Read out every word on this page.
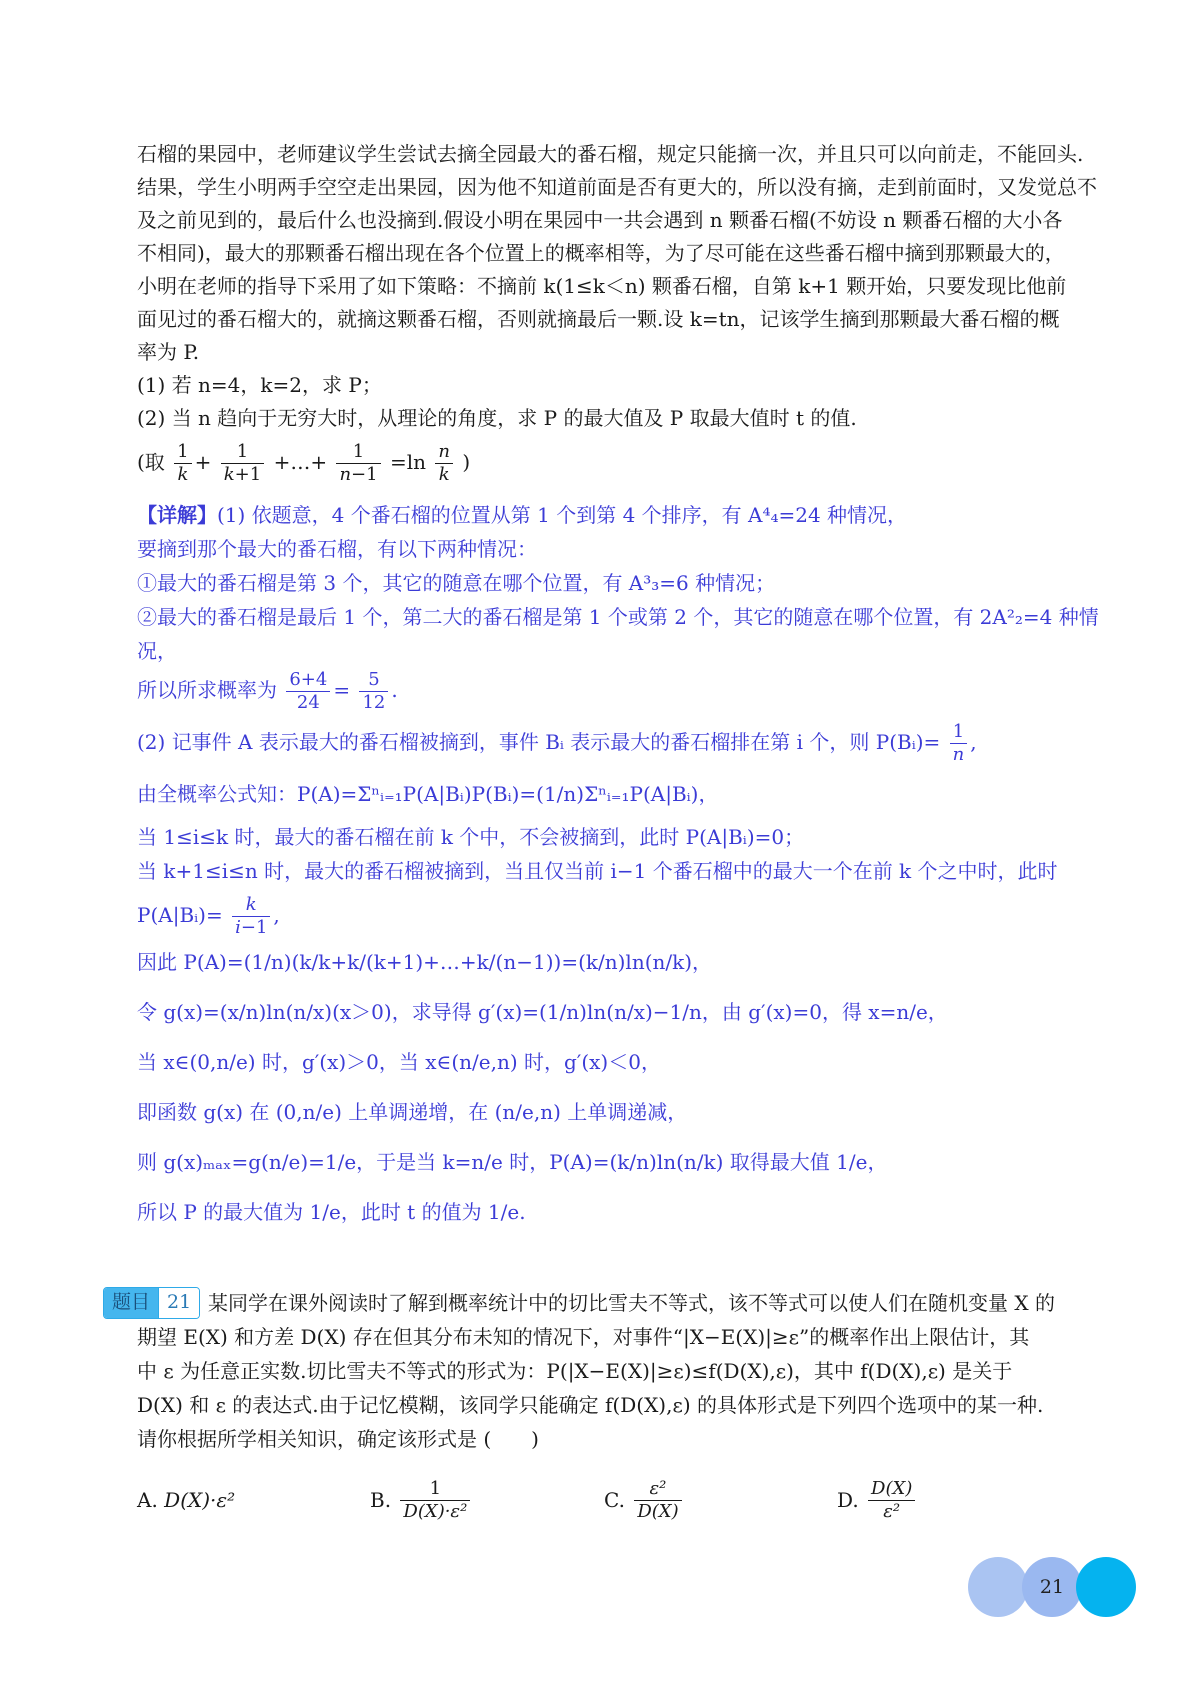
石榴的果园中，老师建议学生尝试去摘全园最大的番石榴，规定只能摘一次，并且只可以向前走，不能回头.
结果，学生小明两手空空走出果园，因为他不知道前面是否有更大的，所以没有摘，走到前面时，又发觉总不
及之前见到的，最后什么也没摘到.假设小明在果园中一共会遇到 n 颗番石榴(不妨设 n 颗番石榴的大小各
不相同)，最大的那颗番石榴出现在各个位置上的概率相等，为了尽可能在这些番石榴中摘到那颗最大的，
小明在老师的指导下采用了如下策略：不摘前 k(1≤k＜n) 颗番石榴，自第 k+1 颗开始，只要发现比他前
面见过的番石榴大的，就摘这颗番石榴，否则就摘最后一颗.设 k=tn，记该学生摘到那颗最大番石榴的概
率为 P.
(1) 若 n=4，k=2，求 P；
(2) 当 n 趋向于无穷大时，从理论的角度，求 P 的最大值及 P 取最大值时 t 的值.
(取 $\frac{1}{k} + \frac{1}{k+1}$ +…+ $\frac{1}{n-1} =\ln \frac{n}{k}$ )
【详解】(1) 依题意，4 个番石榴的位置从第 1 个到第 4 个排序，有 A⁴₄=24 种情况，
要摘到那个最大的番石榴，有以下两种情况：
①最大的番石榴是第 3 个，其它的随意在哪个位置，有 A³₃=6 种情况；
②最大的番石榴是最后 1 个，第二大的番石榴是第 1 个或第 2 个，其它的随意在哪个位置，有 2A²₂=4 种情
况，
所以所求概率为 $\frac{6+4}{24} = \frac{5}{12}$ .
(2) 记事件 A 表示最大的番石榴被摘到，事件 Bᵢ 表示最大的番石榴排在第 i 个，则 P(Bᵢ)= $\frac{1}{n}$ ,
由全概率公式知：P(A)=Σⁿᵢ₌₁P(A|Bᵢ)P(Bᵢ)=(1/n)Σⁿᵢ₌₁P(A|Bᵢ)，
当 1≤i≤k 时，最大的番石榴在前 k 个中，不会被摘到，此时 P(A|Bᵢ)=0；
当 k+1≤i≤n 时，最大的番石榴被摘到，当且仅当前 i−1 个番石榴中的最大一个在前 k 个之中时，此时
P(A|Bᵢ)= $\frac{k}{i-1}$ ,
因此 P(A)=(1/n)(k/k+k/(k+1)+…+k/(n−1))=(k/n)ln(n/k)，
令 g(x)=(x/n)ln(n/x)(x＞0)，求导得 g′(x)=(1/n)ln(n/x)−1/n，由 g′(x)=0，得 x=n/e，
当 x∈(0,n/e) 时，g′(x)＞0，当 x∈(n/e,n) 时，g′(x)＜0，
即函数 g(x) 在 (0,n/e) 上单调递增，在 (n/e,n) 上单调递减，
则 g(x)ₘₐₓ=g(n/e)=1/e，于是当 k=n/e 时，P(A)=(k/n)ln(n/k) 取得最大值 1/e，
所以 P 的最大值为 1/e，此时 t 的值为 1/e.
题目 21 某同学在课外阅读时了解到概率统计中的切比雪夫不等式，该不等式可以使人们在随机变量 X 的
期望 E(X) 和方差 D(X) 存在但其分布未知的情况下，对事件“|X−E(X)|≥ε”的概率作出上限估计，其
中 ε 为任意正实数.切比雪夫不等式的形式为：P(|X−E(X)|≥ε)≤f(D(X),ε)，其中 f(D(X),ε) 是关于
D(X) 和 ε 的表达式.由于记忆模糊，该同学只能确定 f(D(X),ε) 的具体形式是下列四个选项中的某一种.
请你根据所学相关知识，确定该形式是 (　　)
A.
D(X)·ε²	B.
$\frac{1}{\text{D(X)·ε²}}$	C.
$\frac{\text{ε²}}{D(X)}$	D.
$\frac{D(X)}{\text{ε²}}$
21
